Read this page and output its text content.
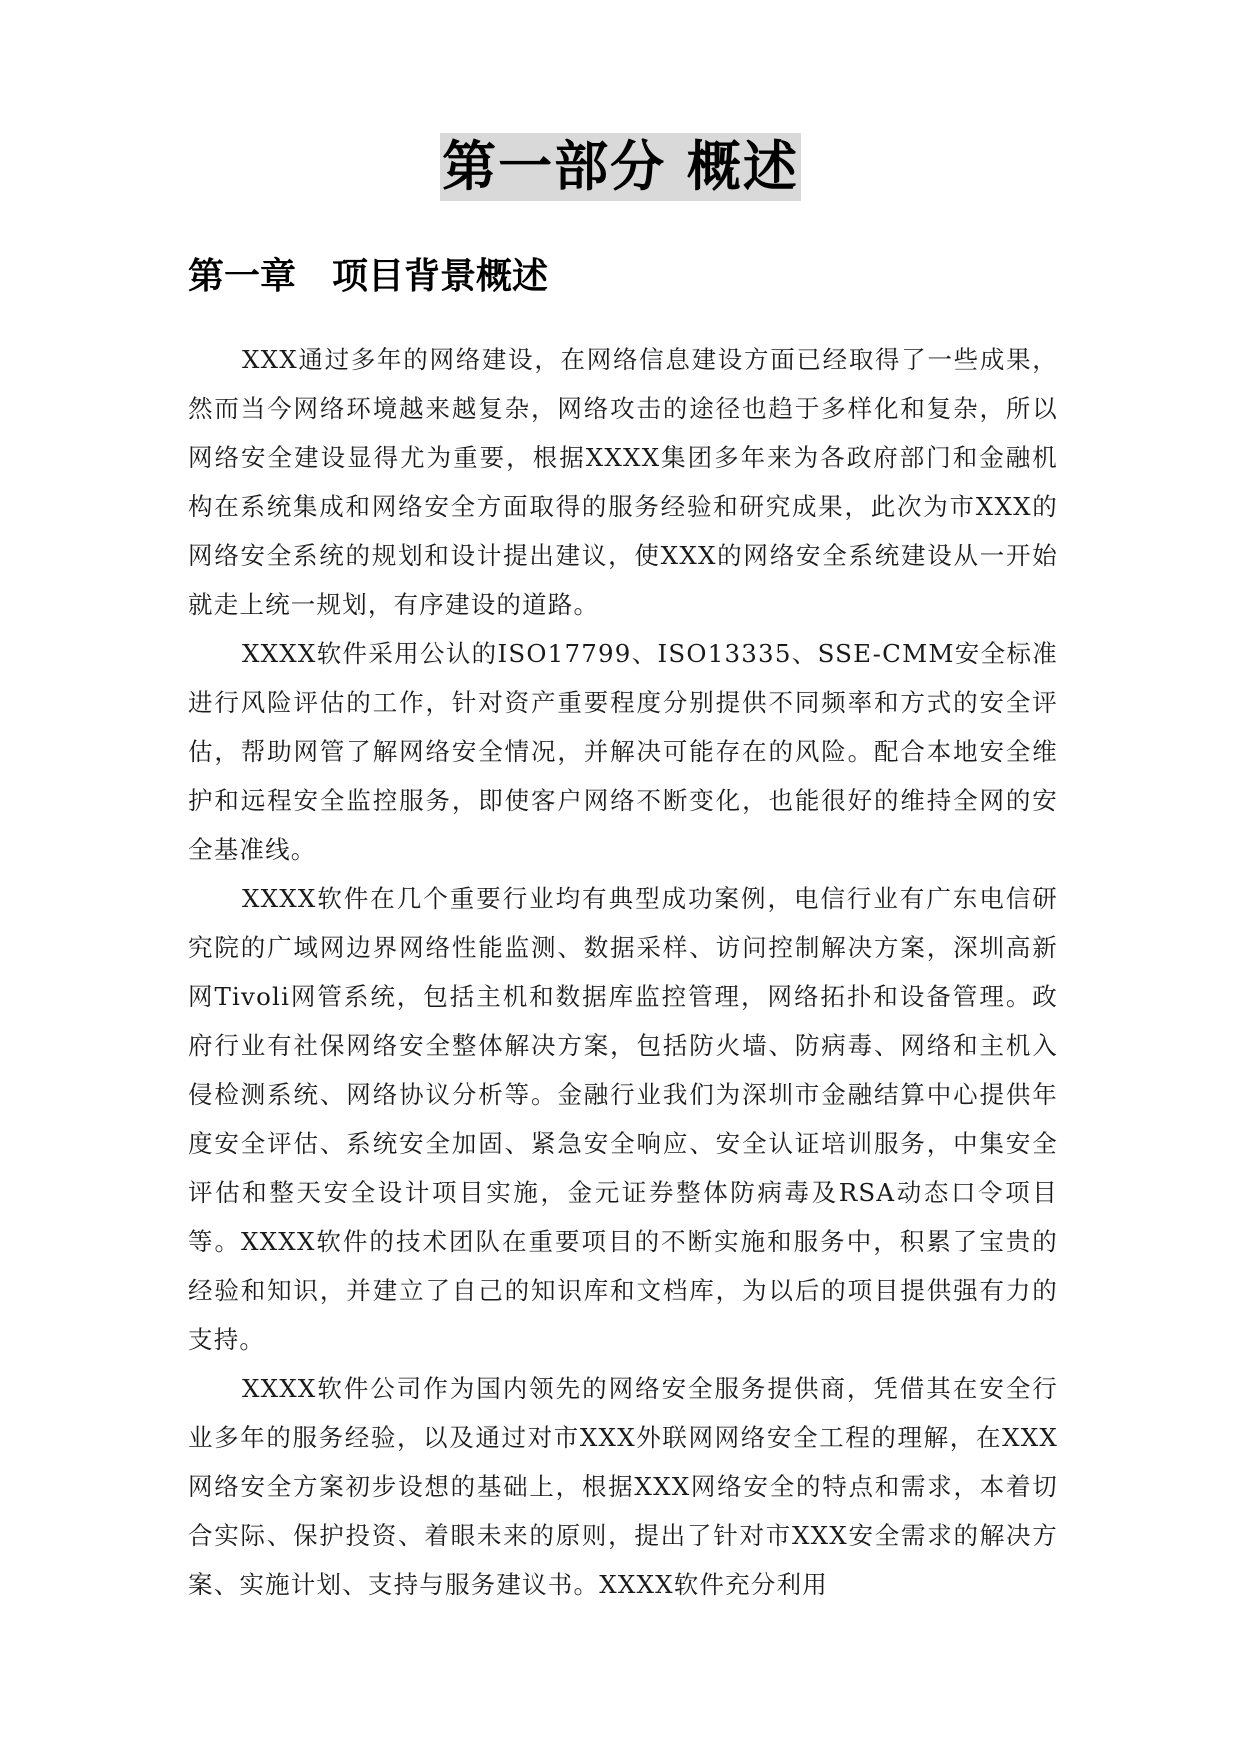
第一部分 概述
第一章　项目背景概述

XXX通过多年的网络建设，在网络信息建设方面已经取得了一些成果，然而当今网络环境越来越复杂，网络攻击的途径也趋于多样化和复杂，所以网络安全建设显得尤为重要，根据XXXX集团多年来为各政府部门和金融机构在系统集成和网络安全方面取得的服务经验和研究成果，此次为市XXX的网络安全系统的规划和设计提出建议，使XXX的网络安全系统建设从一开始就走上统一规划，有序建设的道路。

XXXX软件采用公认的ISO17799、ISO13335、SSE-CMM安全标准进行风险评估的工作，针对资产重要程度分别提供不同频率和方式的安全评估，帮助网管了解网络安全情况，并解决可能存在的风险。配合本地安全维护和远程安全监控服务，即使客户网络不断变化，也能很好的维持全网的安全基准线。

XXXX软件在几个重要行业均有典型成功案例，电信行业有广东电信研究院的广域网边界网络性能监测、数据采样、访问控制解决方案，深圳高新网Tivoli网管系统，包括主机和数据库监控管理，网络拓扑和设备管理。政府行业有社保网络安全整体解决方案，包括防火墙、防病毒、网络和主机入侵检测系统、网络协议分析等。金融行业我们为深圳市金融结算中心提供年度安全评估、系统安全加固、紧急安全响应、安全认证培训服务，中集安全评估和整天安全设计项目实施，金元证券整体防病毒及RSA动态口令项目等。XXXX软件的技术团队在重要项目的不断实施和服务中，积累了宝贵的经验和知识，并建立了自己的知识库和文档库，为以后的项目提供强有力的支持。

XXXX软件公司作为国内领先的网络安全服务提供商，凭借其在安全行业多年的服务经验，以及通过对市XXX外联网网络安全工程的理解，在XXX网络安全方案初步设想的基础上，根据XXX网络安全的特点和需求，本着切合实际、保护投资、着眼未来的原则，提出了针对市XXX安全需求的解决方案、实施计划、支持与服务建议书。XXXX软件充分利用
